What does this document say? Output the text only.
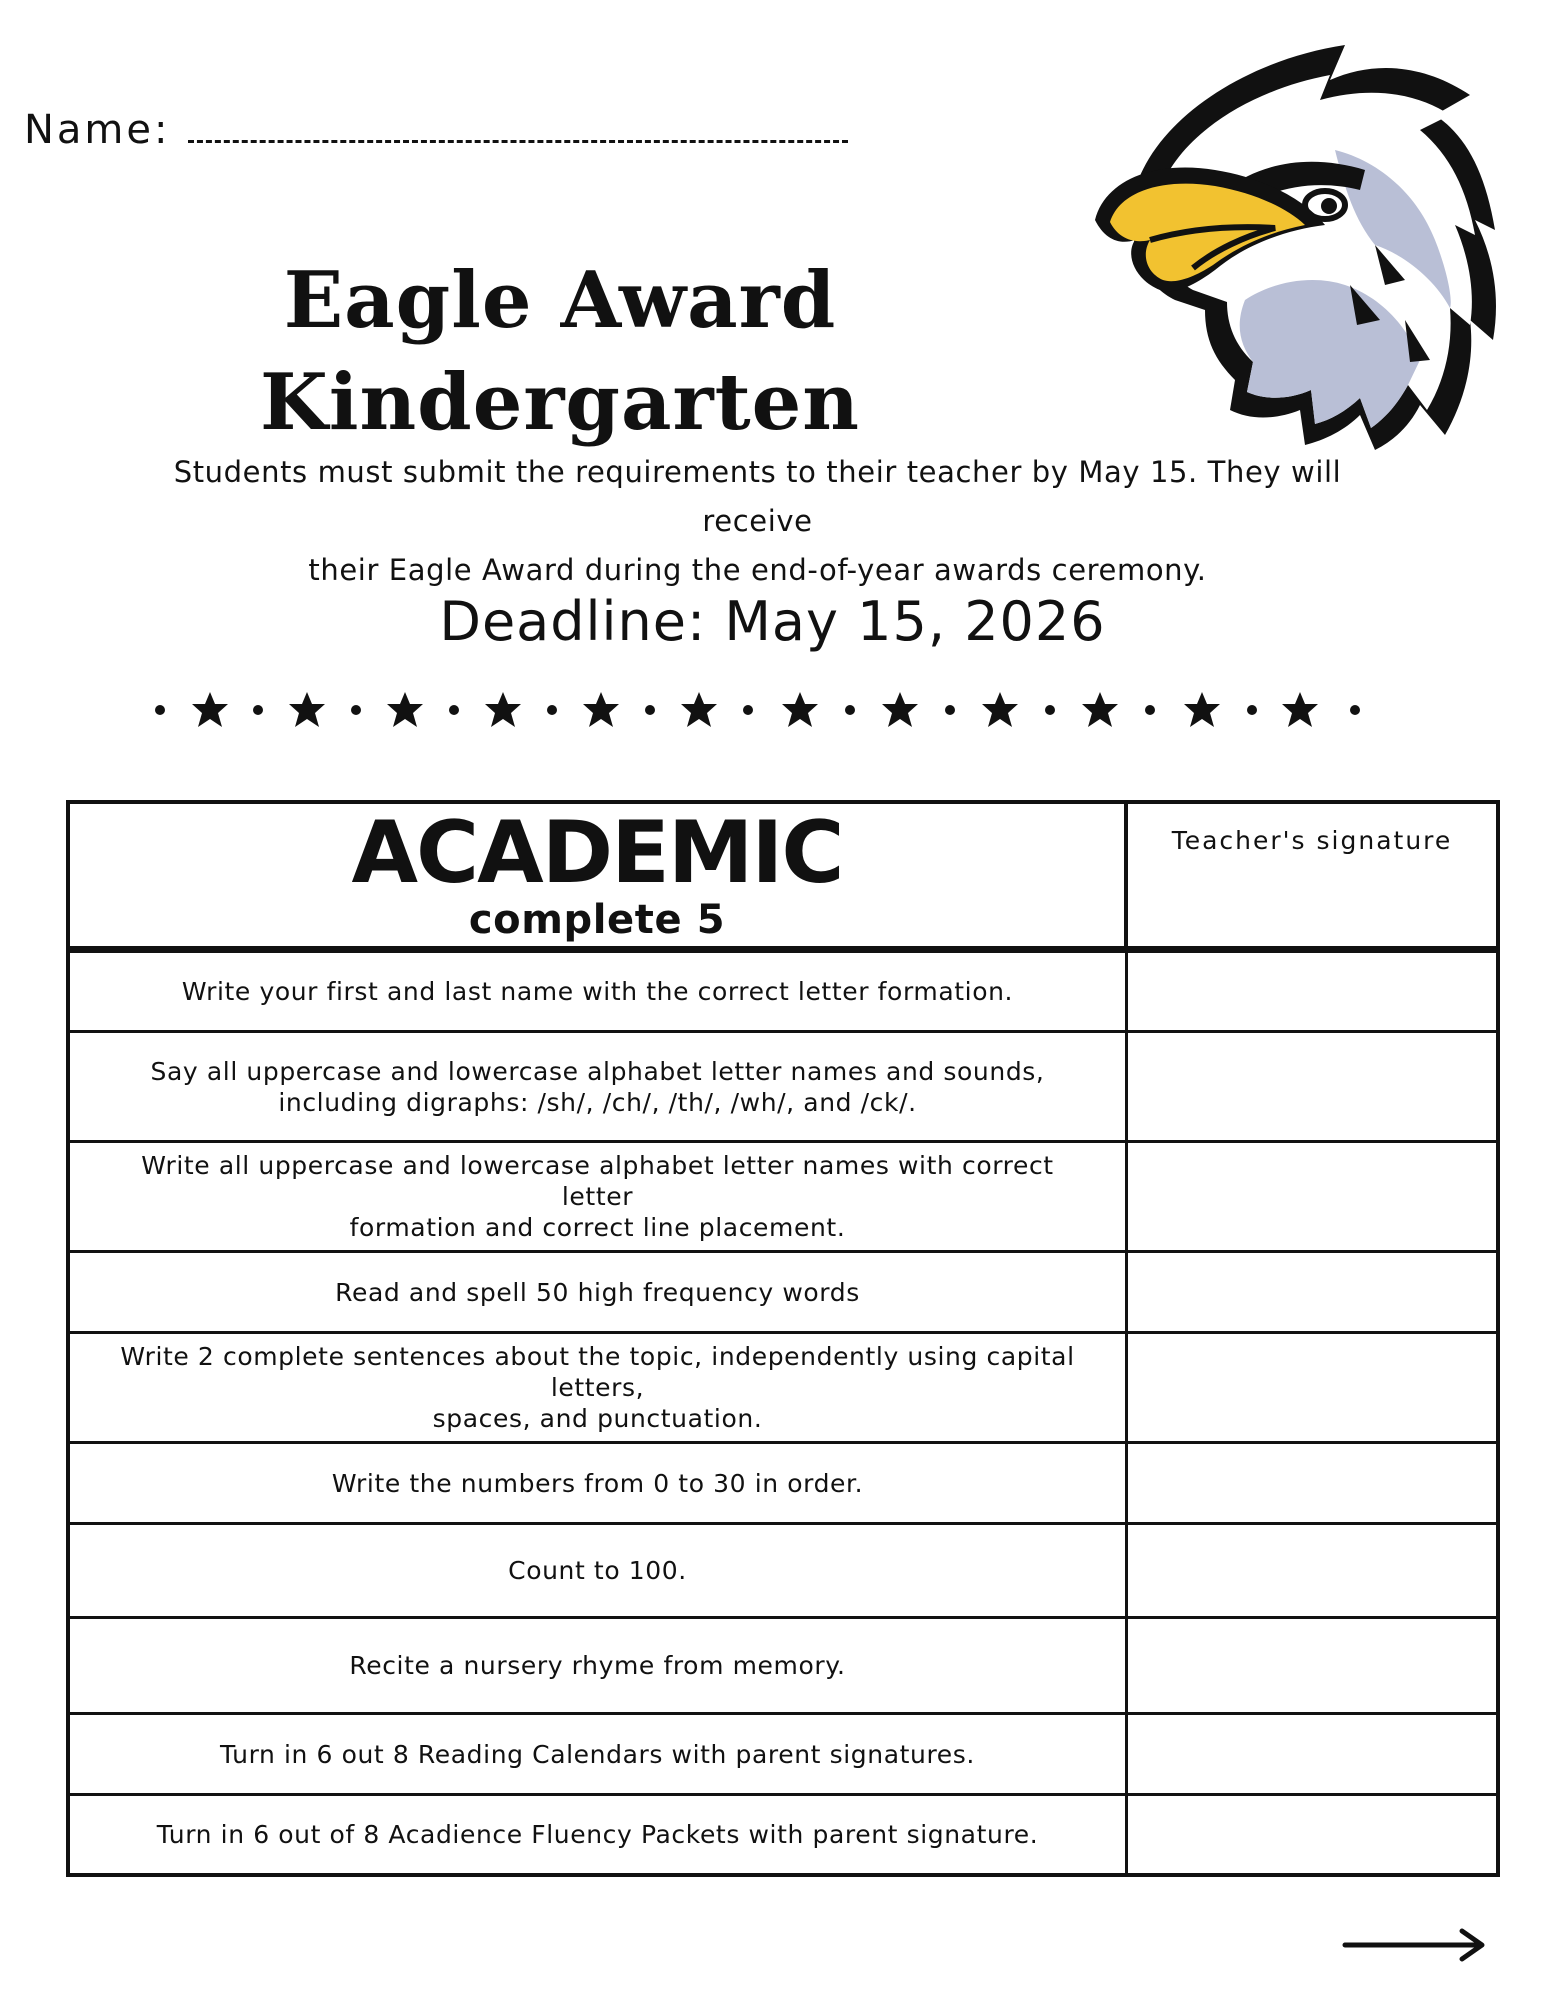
Name:
Eagle Award
Kindergarten
Students must submit the requirements to their teacher by May 15. They will receive
their Eagle Award during the end-of-year awards ceremony.
Deadline: May 15, 2026
ACADEMIC
complete 5
Teacher's signature
Write your first and last name with the correct letter formation.
Say all uppercase and lowercase alphabet letter names and sounds,
including digraphs: /sh/, /ch/, /th/, /wh/, and /ck/.
Write all uppercase and lowercase alphabet letter names with correct letter
formation and correct line placement.
Read and spell 50 high frequency words
Write 2 complete sentences about the topic, independently using capital letters,
spaces, and punctuation.
Write the numbers from 0 to 30 in order.
Count to 100.
Recite a nursery rhyme from memory.
Turn in 6 out 8 Reading Calendars with parent signatures.
Turn in 6 out of 8 Acadience Fluency Packets with parent signature.
